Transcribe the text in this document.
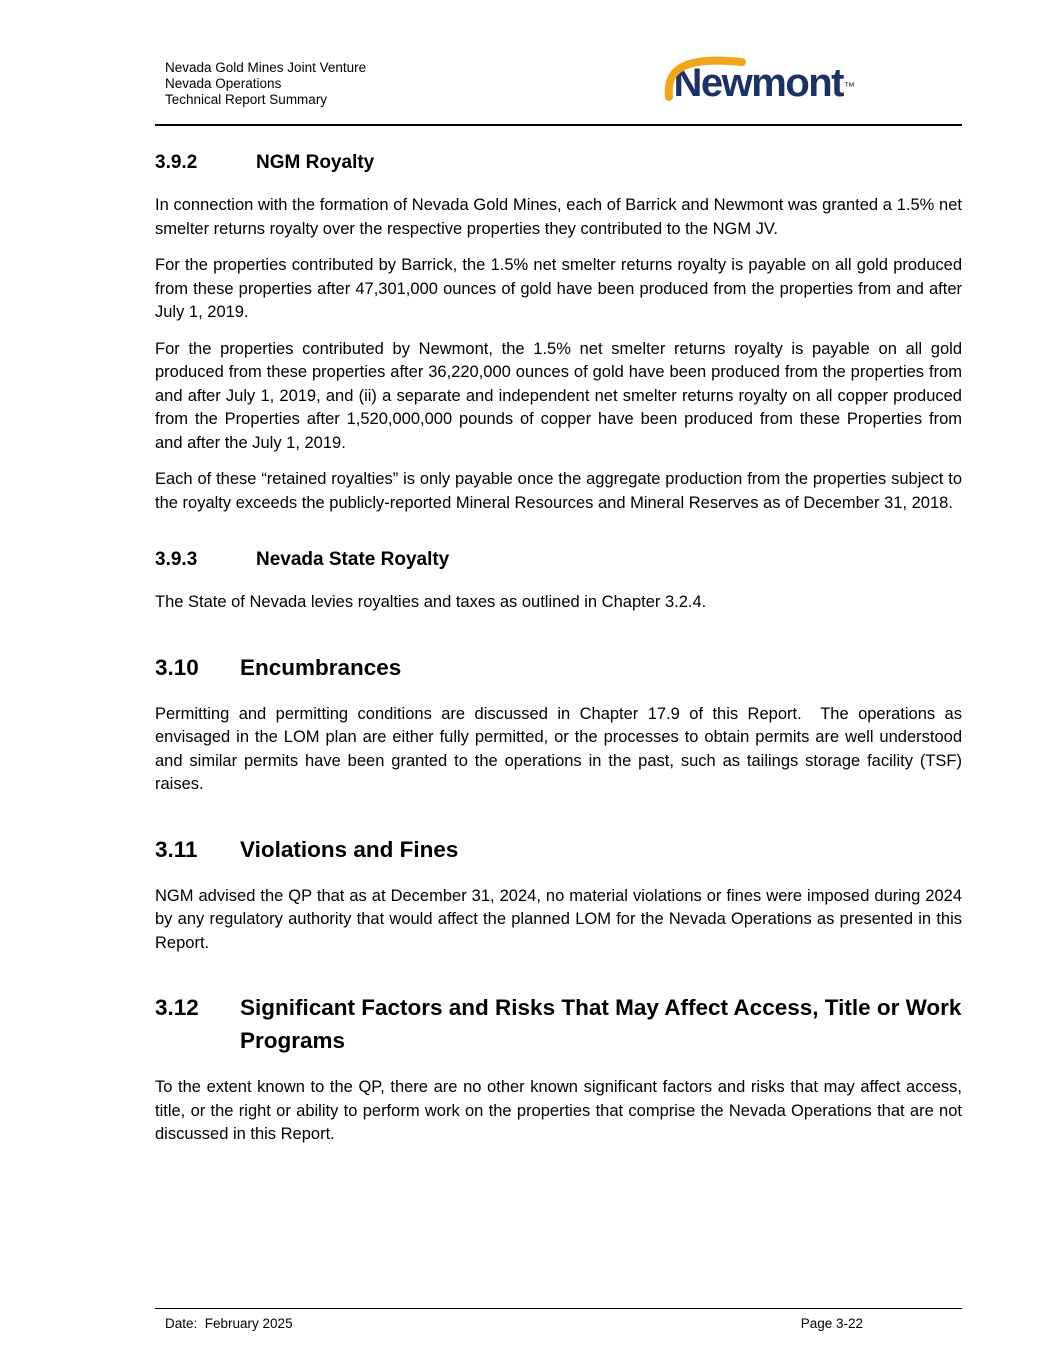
Nevada Gold Mines Joint Venture
Nevada Operations
Technical Report Summary	Newmont™
3.9.2	NGM Royalty

In connection with the formation of Nevada Gold Mines, each of Barrick and Newmont was granted a 1.5% net smelter returns royalty over the respective properties they contributed to the NGM JV.

For the properties contributed by Barrick, the 1.5% net smelter returns royalty is payable on all gold produced from these properties after 47,301,000 ounces of gold have been produced from the properties from and after July 1, 2019.

For the properties contributed by Newmont, the 1.5% net smelter returns royalty is payable on all gold produced from these properties after 36,220,000 ounces of gold have been produced from the properties from and after July 1, 2019, and (ii) a separate and independent net smelter returns royalty on all copper produced from the Properties after 1,520,000,000 pounds of copper have been produced from these Properties from and after the July 1, 2019.

Each of these “retained royalties” is only payable once the aggregate production from the properties subject to the royalty exceeds the publicly-reported Mineral Resources and Mineral Reserves as of December 31, 2018.

3.9.3	Nevada State Royalty

The State of Nevada levies royalties and taxes as outlined in Chapter 3.2.4.

3.10	Encumbrances

Permitting and permitting conditions are discussed in Chapter 17.9 of this Report.  The operations as envisaged in the LOM plan are either fully permitted, or the processes to obtain permits are well understood and similar permits have been granted to the operations in the past, such as tailings storage facility (TSF) raises.

3.11	Violations and Fines

NGM advised the QP that as at December 31, 2024, no material violations or fines were imposed during 2024 by any regulatory authority that would affect the planned LOM for the Nevada Operations as presented in this Report.

3.12	Significant Factors and Risks That May Affect Access, Title or Work Programs

To the extent known to the QP, there are no other known significant factors and risks that may affect access, title, or the right or ability to perform work on the properties that comprise the Nevada Operations that are not discussed in this Report.

Date:  February 2025	Page 3-22
